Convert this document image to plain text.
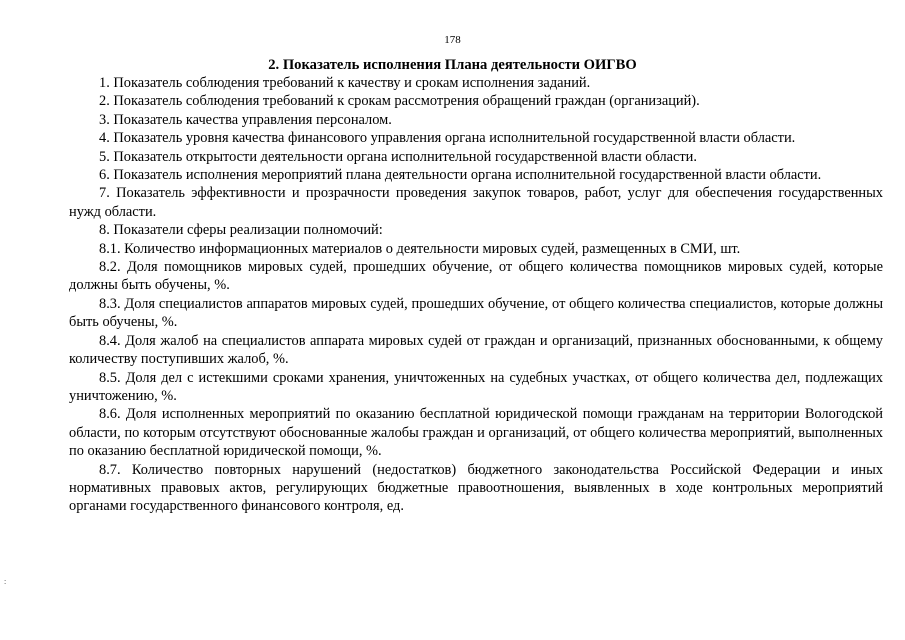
178
2. Показатель исполнения Плана деятельности ОИГВО

1. Показатель соблюдения требований к качеству и срокам исполнения заданий.

2. Показатель соблюдения требований к срокам рассмотрения обращений граждан (организаций).

3. Показатель качества управления персоналом.

4. Показатель уровня качества финансового управления органа исполнительной государственной власти области.

5. Показатель открытости деятельности органа исполнительной государственной власти области.

6. Показатель исполнения мероприятий плана деятельности органа исполнительной государственной власти области.

7. Показатель эффективности и прозрачности проведения закупок товаров, работ, услуг для обеспечения государственных нужд области.

8. Показатели сферы реализации полномочий:

8.1. Количество информационных материалов о деятельности мировых судей, размещенных в СМИ, шт.

8.2. Доля помощников мировых судей, прошедших обучение, от общего количества помощников мировых судей, которые должны быть обучены, %.

8.3. Доля специалистов аппаратов мировых судей, прошедших обучение, от общего количества специалистов, которые должны быть обучены, %.

8.4. Доля жалоб на специалистов аппарата мировых судей от граждан и организаций, признанных обоснованными, к общему количеству поступивших жалоб, %.

8.5. Доля дел с истекшими сроками хранения, уничтоженных на судебных участках, от общего количества дел, подлежащих уничтожению, %.

8.6. Доля исполненных мероприятий по оказанию бесплатной юридической помощи гражданам на территории Вологодской области, по которым отсутствуют обоснованные жалобы граждан и организаций, от общего количества мероприятий, выполненных по оказанию бесплатной юридической помощи, %.

8.7. Количество повторных нарушений (недостатков) бюджетного законодательства Российской Федерации и иных нормативных правовых актов, регулирующих бюджетные правоотношения, выявленных в ходе контрольных мероприятий органами государственного финансового контроля, ед.

:
